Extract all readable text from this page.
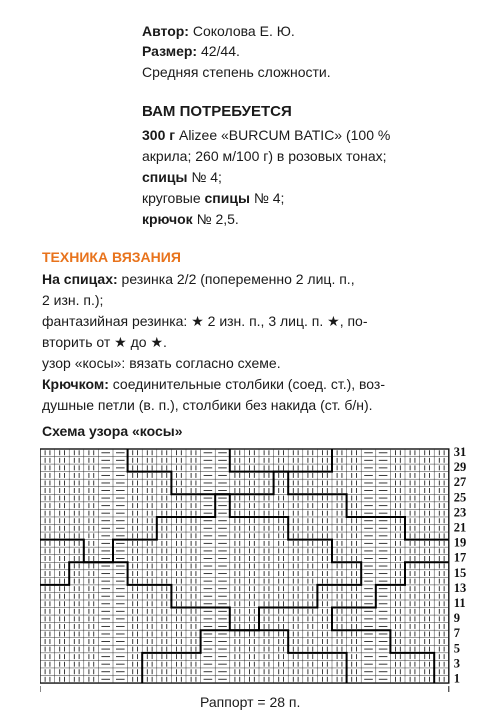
Автор: Соколова Е. Ю.
Размер: 42/44.
Средняя степень сложности.
ВАМ ПОТРЕБУЕТСЯ
300 г Alizee «BURCUM BATIC» (100 %
акрила; 260 м/100 г) в розовых тонах;
спицы № 4;
круговые спицы № 4;
крючок № 2,5.
ТЕХНИКА ВЯЗАНИЯ
На спицах: резинка 2/2 (попеременно 2 лиц. п.,
2 изн. п.);
фантазийная резинка: ★ 2 изн. п., 3 лиц. п. ★, по-
вторить от ★ до ★.
узор «косы»: вязать согласно схеме.
Крючком: соединительные столбики (соед. ст.), воз-
душные петли (в. п.), столбики без накида (ст. б/н).
Схема узора «косы»
31
29
27
25
23
21
19
17
15
13
11
9
7
5
3
1
Раппорт = 28 п.
